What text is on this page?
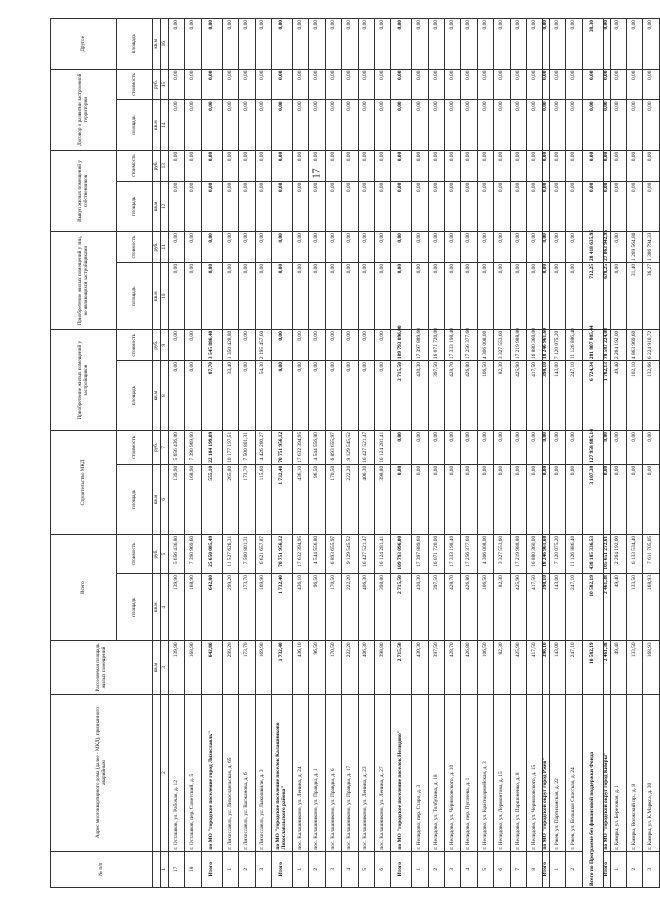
17
№ п/п	Адрес многоквартирного дома (далее - МКД), признанного аварийным	Расселяемая площадь жилых помещений	Всего		Строительство МКД		Приобретение жилых помещений у застройщиков		Приобретение жилых помещений у лиц, не являющихся застройщиками		Выкуп жилых помещений у собственников		Договор о развитии застроенной территории		Другое
			площадь	стоимость	площадь	стоимость	площадь	стоимость	площадь	стоимость	площадь	стоимость	площадь	стоимость	площадь
		кв.м	кв.м	руб.	кв.м	руб.	кв.м	руб.	кв.м	руб.	кв.м	руб.	кв.м	руб.	кв.м
1	2	3	4	5	6	7	8	9	10	11	12	13	14	15	16
17	г. Осташков, ул. Рабочая, д. 12	139,90	139,90	5 656 436,80	139,90	5 656 436,80	0,00	0,00	0,00	0,00	0,00	0,00	0,00	0,00	0,00
18	г. Осташков, пер. Советский, д. 5	168,90	168,90	7 390 969,60	168,90	7 390 969,60	0,00	0,00	0,00	0,00	0,00	0,00	0,00	0,00	0,00
Итого	по МО "городское поселение город Лихославль"	642,80	642,80	25 650 085,49	555,10	22 104 199,09	87,70	3 545 886,40	0,00	0,00	0,00	0,00	0,00	0,00	0,00
1	г. Лихославль, ул. Лихославльская, д. 65	299,20	299,20	11 527 626,31	265,80	10 177 197,51	33,40	1 350 428,80	0,00	0,00	0,00	0,00	0,00	0,00	0,00
2	г. Лихославль, ул. Вагжанова, д. 6	173,70	173,70	7 500 801,31	173,70	7 500 801,31	0,00	0,00	0,00	0,00	0,00	0,00	0,00	0,00	0,00
3	г. Лихославль, ул. Лыкошвили, д. 3	169,90	169,90	6 621 657,87	115,60	4 426 200,27	54,30	2 195 457,60	0,00	0,00	0,00	0,00	0,00	0,00	0,00
Итого	по МО "городское поселение поселок Калашниково Лихославльского района"	1 732,40	1 732,40	70 751 956,12	1 732,40	70 751 956,12	0,00	0,00	0,00	0,00	0,00	0,00	0,00	0,00	0,00
1	пос. Калашниково, ул. Ленина, д. 24	436,10	436,10	17 632 394,95	436,10	17 632 394,95	0,00	0,00	0,00	0,00	0,00	0,00	0,00	0,00	0,00
2	пос. Калашниково, ул. Правды, д. 1	96,50	96,50	4 544 556,80	96,50	4 544 556,80	0,00	0,00	0,00	0,00	0,00	0,00	0,00	0,00	0,00
3	пос. Калашниково, ул. Правды, д. 6	170,50	170,50	6 893 655,97	170,50	6 893 655,97	0,00	0,00	0,00	0,00	0,00	0,00	0,00	0,00	0,00
4	пос. Калашниково, ул. Правды, д. 17	222,20	222,20	9 129 545,52	222,20	9 129 545,52	0,00	0,00	0,00	0,00	0,00	0,00	0,00	0,00	0,00
5	пос. Калашниково, ул. Ленина, д. 23	406,30	406,30	16 427 521,47	406,30	16 427 521,47	0,00	0,00	0,00	0,00	0,00	0,00	0,00	0,00	0,00
6	пос. Калашниково, ул. Ленина, д. 27	398,80	398,80	16 124 281,41	398,80	16 124 281,41	0,00	0,00	0,00	0,00	0,00	0,00	0,00	0,00	0,00
Итого	по МО "городское поселение поселок Нелидово"	2 715,50	2 715,50	109 793 096,00	0,00	0,00	2 715,50	109 793 096,00	0,00	0,00	0,00	0,00	0,00	0,00	0,00
1	г. Нелидово, пер. Старо, д. 3	430,30	430,30	17 397 889,60	0,00	0,00	430,30	17 397 889,60	0,00	0,00	0,00	0,00	0,00	0,00	0,00
2	г. Нелидово, ул. Толбухина, д. 18	397,50	397,50	16 071 720,00	0,00	0,00	397,50	16 071 720,00	0,00	0,00	0,00	0,00	0,00	0,00	0,00
3	г. Нелидово, ул. Черняховского, д. 10	428,70	428,70	17 333 198,40	0,00	0,00	428,70	17 333 198,40	0,00	0,00	0,00	0,00	0,00	0,00	0,00
4	г. Нелидово, пер. Пугачева, д. 1	426,80	426,80	17 256 377,60	0,00	0,00	426,80	17 256 377,60	0,00	0,00	0,00	0,00	0,00	0,00	0,00
5	г. Нелидово, ул. Красноармейская, д. 3	106,50	106,50	4 306 008,00	0,00	0,00	106,50	4 306 008,00	0,00	0,00	0,00	0,00	0,00	0,00	0,00
6	г. Нелидово, ул. Лермонтова, д. 15	82,30	82,30	3 327 553,60	0,00	0,00	82,30	3 327 553,60	0,00	0,00	0,00	0,00	0,00	0,00	0,00
7	г. Нелидово, ул. Паршоненко, д. 8	425,90	425,90	17 219 988,80	0,00	0,00	425,90	17 219 988,80	0,00	0,00	0,00	0,00	0,00	0,00	0,00
8	г. Нелидово, ул. Черняховского, д. 15	417,50	417,50	16 880 360,00	0,00	0,00	417,50	16 880 360,00	0,00	0,00	0,00	0,00	0,00	0,00	0,00
Итого	по МО "городской округ город Ржев"	390,10	390,10	18 246 961,60	0,00	0,00	390,10	18 246 961,60	0,00	0,00	0,00	0,00	0,00	0,00	0,00
1	г. Ржев, ул. Партизанская, д. 22	143,00	143,00	7 120 075,20	0,00	0,00	143,00	7 120 075,20	0,00	0,00	0,00	0,00	0,00	0,00	0,00
2	г. Ржев, ул. Большая Спасская, д. 24	247,10	247,10	11 126 886,40	0,00	0,00	247,10	11 126 886,40	0,00	0,00	0,00	0,00	0,00	0,00	0,00
Всего по Программе без финансовой поддержки Фонда		10 582,19	10 582,19	438 185 336,53	3 107,30	127 958 885,14	6 724,34	281 807 805,44	712,25	28 418 635,95	0,00	0,00	0,00	0,00	38,30
Итого	по МО "городской округ город Кимры"	2 461,38	2 461,38	105 651 272,61	0,00	0,00	1 782,13	78 587 224,08	678,25	27 063 942,95	0,00	0,00	0,00	0,00	0,00
1	г. Кимры, ул. Березовая, д. 1	49,40	49,40	2 264 192,00	0,00	0,00	49,40	2 264 192,00	0,00	0,00	0,00	0,00	0,00	0,00	0,00
2	г. Кимры, Волжский пр., д. 8	133,50	133,50	6 133 534,40	0,00	0,00	102,10	4 863 969,60	31,40	1 269 564,80	0,00	0,00	0,00	0,00	0,00
3	г. Кимры, ул. К.Маркса, д. 30	168,93	168,93	7 611 705,05	0,00	0,00	132,66	6 224 910,72	36,27	1 386 794,33	0,00	0,00	0,00	0,00	0,00
